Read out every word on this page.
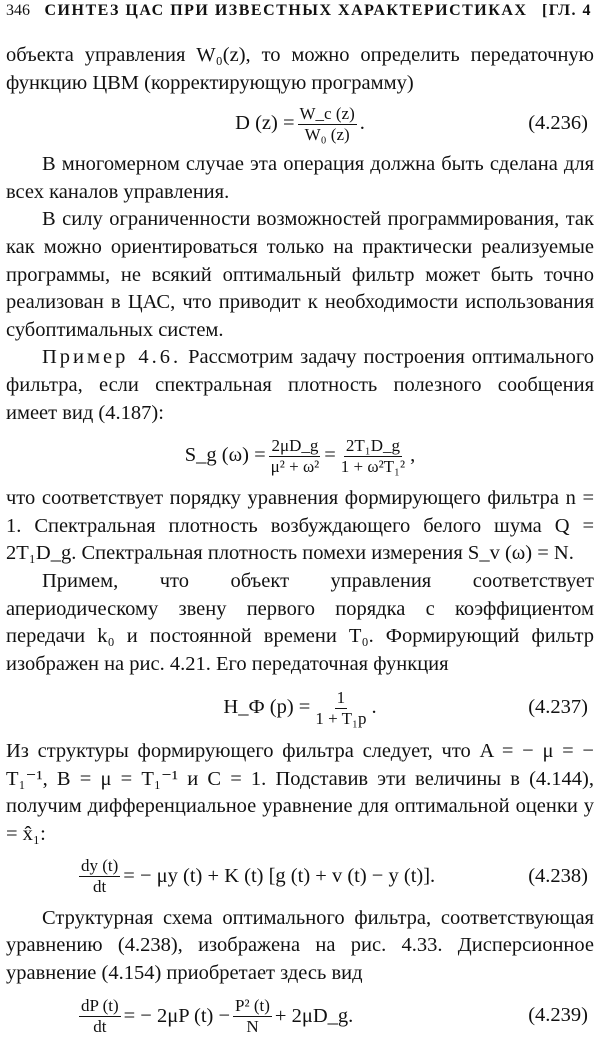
346 СИНТЕЗ ЦАС ПРИ ИЗВЕСТНЫХ ХАРАКТЕРИСТИКАХ [ГЛ. 4

объекта управления W₀(z), то можно определить передаточную функцию ЦВМ (корректирующую программу)

D $(z) = \frac{W\_c (z)}{\text{W₀ (z)}}$ .	(4.236)

В многомерном случае эта операция должна быть сделана для всех каналов управления.

В силу ограниченности возможностей программирования, так как можно ориентироваться только на практически реализуемые программы, не всякий оптимальный фильтр может быть точно реализован в ЦАС, что приводит к необходимости использования субоптимальных систем.

Пример 4.6. Рассмотрим задачу построения оптимального фильтра, если спектральная плотность полезного сообщения имеет вид (4.187):

S_g $(\omega) = \frac{2\mu D\_g}{\text{μ² + ω²}} = \frac{\text{2T₁D\_g}}{\text{1 + ω²T₁²}}$ ,

что соответствует порядку уравнения формирующего фильтра n = 1. Спектральная плотность возбуждающего белого шума Q = 2T₁D_g. Спектральная плотность помехи измерения S_v (ω) = N.

Примем, что объект управления соответствует апериодическому звену первого порядка с коэффициентом передачи k₀ и постоянной времени T₀. Формирующий фильтр изображен на рис. 4.21. Его передаточная функция

H_Ф $(p) = \frac{1}{\text{1 + T₁p}}$ .	(4.237)

Из структуры формирующего фильтра следует, что A = − μ = − T₁⁻¹, B = μ = T₁⁻¹ и C = 1. Подставив эти величины в (4.144), получим дифференциальное уравнение для оптимальной оценки y = x̂₁:

$\frac{dy (t)}{dt}$ = − μy (t) + K (t) [g (t) + v (t) − y (t)].	(4.238)

Структурная схема оптимального фильтра, соответствующая уравнению (4.238), изображена на рис. 4.33. Дисперсионное уравнение (4.154) приобретает здесь вид

$\frac{dP (t)}{dt}$ = − 2μP $(t) - \frac{\text{P² (t)}}{N}$ + 2μD_g.	(4.239)
